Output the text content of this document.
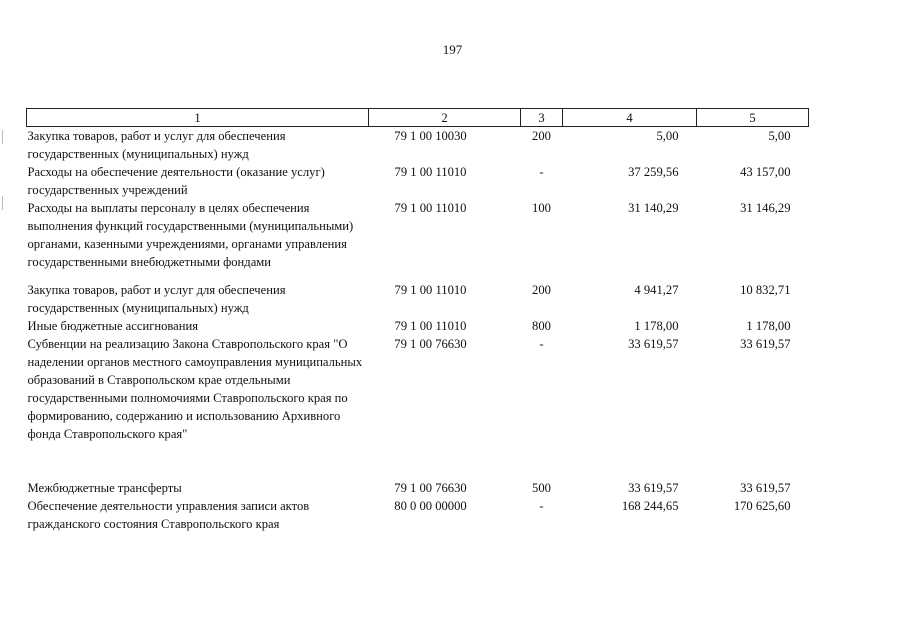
197
1	2	3	4	5
Закупка товаров, работ и услуг для обеспечения государственных (муниципальных) нужд	79 1 00 10030	200	5,00	5,00
Расходы на обеспечение деятельности (оказание услуг) государственных учреждений	79 1 00 11010	-	37 259,56	43 157,00
Расходы на выплаты персоналу в целях обеспечения выполнения функций государственными (муниципальными) органами, казенными учреждениями, органами управления государственными внебюджетными фондами	79 1 00 11010	100	31 140,29	31 146,29
Закупка товаров, работ и услуг для обеспечения государственных (муниципальных) нужд	79 1 00 11010	200	4 941,27	10 832,71
Иные бюджетные ассигнования	79 1 00 11010	800	1 178,00	1 178,00
Субвенции на реализацию Закона Ставропольского края "О наделении органов местного самоуправления муниципальных образований в Ставропольском крае отдельными государственными полномочиями Ставропольского края по формированию, содержанию и использованию Архивного фонда Ставропольского края"	79 1 00 76630	-	33 619,57	33 619,57
Межбюджетные трансферты	79 1 00 76630	500	33 619,57	33 619,57
Обеспечение деятельности управления записи актов гражданского состояния Ставропольского края	80 0 00 00000	-	168 244,65	170 625,60
